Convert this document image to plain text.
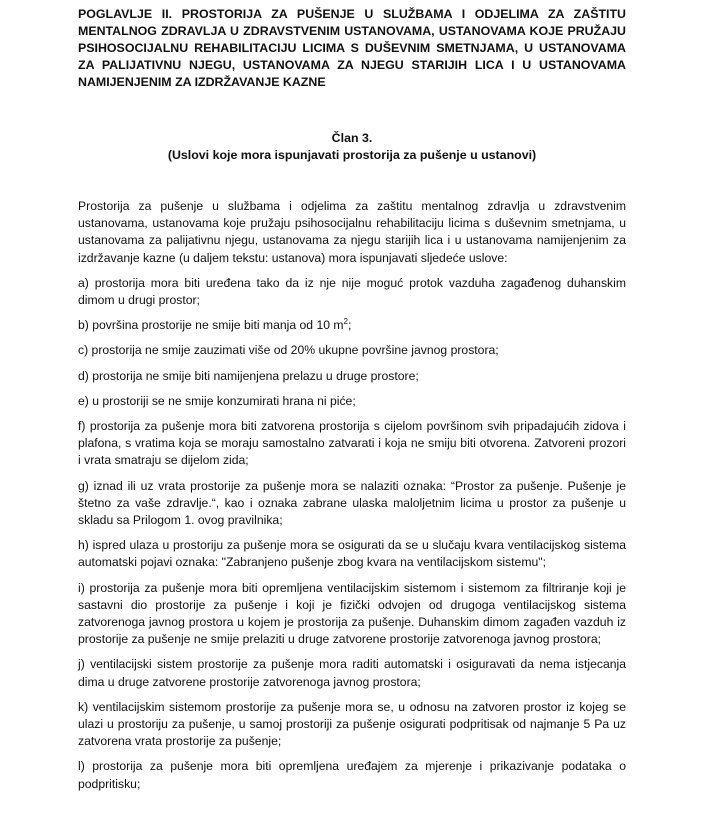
POGLAVLJE II. PROSTORIJA ZA PUŠENJE U SLUŽBAMA I ODJELIMA ZA ZAŠTITU MENTALNOG ZDRAVLJA U ZDRAVSTVENIM USTANOVAMA, USTANOVAMA KOJE PRUŽAJU PSIHOSOCIJALNU REHABILITACIJU LICIMA S DUŠEVNIM SMETNJAMA, U USTANOVAMA ZA PALIJATIVNU NJEGU, USTANOVAMA ZA NJEGU STARIJIH LICA I U USTANOVAMA NAMIJENJENIM ZA IZDRŽAVANJE KAZNE

Član 3.

(Uslovi koje mora ispunjavati prostorija za pušenje u ustanovi)

Prostorija za pušenje u službama i odjelima za zaštitu mentalnog zdravlja u zdravstvenim ustanovama, ustanovama koje pružaju psihosocijalnu rehabilitaciju licima s duševnim smetnjama, u ustanovama za palijativnu njegu, ustanovama za njegu starijih lica i u ustanovama namijenjenim za izdržavanje kazne (u daljem tekstu: ustanova) mora ispunjavati sljedeće uslove:

a) prostorija mora biti uređena tako da iz nje nije moguć protok vazduha zagađenog duhanskim dimom u drugi prostor;

b) površina prostorije ne smije biti manja od 10 $m^2$;

c) prostorija ne smije zauzimati više od 20% ukupne površine javnog prostora;

d) prostorija ne smije biti namijenjena prelazu u druge prostore;

e) u prostoriji se ne smije konzumirati hrana ni piće;

f) prostorija za pušenje mora biti zatvorena prostorija s cijelom površinom svih pripadajućih zidova i plafona, s vratima koja se moraju samostalno zatvarati i koja ne smiju biti otvorena. Zatvoreni prozori i vrata smatraju se dijelom zida;

g) iznad ili uz vrata prostorije za pušenje mora se nalaziti oznaka: “Prostor za pušenje. Pušenje je štetno za vaše zdravlje.“, kao i oznaka zabrane ulaska maloljetnim licima u prostor za pušenje u skladu sa Prilogom 1. ovog pravilnika;

h) ispred ulaza u prostoriju za pušenje mora se osigurati da se u slučaju kvara ventilacijskog sistema automatski pojavi oznaka: "Zabranjeno pušenje zbog kvara na ventilacijskom sistemu";

i) prostorija za pušenje mora biti opremljena ventilacijskim sistemom i sistemom za filtriranje koji je sastavni dio prostorije za pušenje i koji je fizički odvojen od drugoga ventilacijskog sistema zatvorenoga javnog prostora u kojem je prostorija za pušenje. Duhanskim dimom zagađen vazduh iz prostorije za pušenje ne smije prelaziti u druge zatvorene prostorije zatvorenoga javnog prostora;

j) ventilacijski sistem prostorije za pušenje mora raditi automatski i osiguravati da nema istjecanja dima u druge zatvorene prostorije zatvorenoga javnog prostora;

k) ventilacijskim sistemom prostorije za pušenje mora se, u odnosu na zatvoren prostor iz kojeg se ulazi u prostoriju za pušenje, u samoj prostoriji za pušenje osigurati podpritisak od najmanje 5 Pa uz zatvorena vrata prostorije za pušenje;

l) prostorija za pušenje mora biti opremljena uređajem za mjerenje i prikazivanje podataka o podpritisku;
